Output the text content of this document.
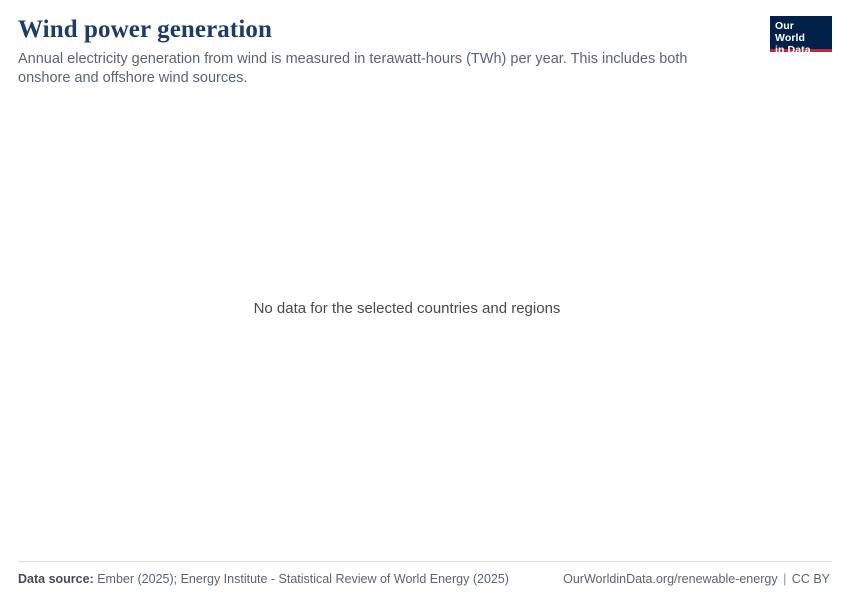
Wind power generation

Annual electricity generation from wind is measured in terawatt-hours (TWh) per year. This includes both onshore and offshore wind sources.

Our World
in Data
No data for the selected countries and regions
Data source: Ember (2025); Energy Institute - Statistical Review of World Energy (2025)	OurWorldinData.org/renewable-energy | CC BY
